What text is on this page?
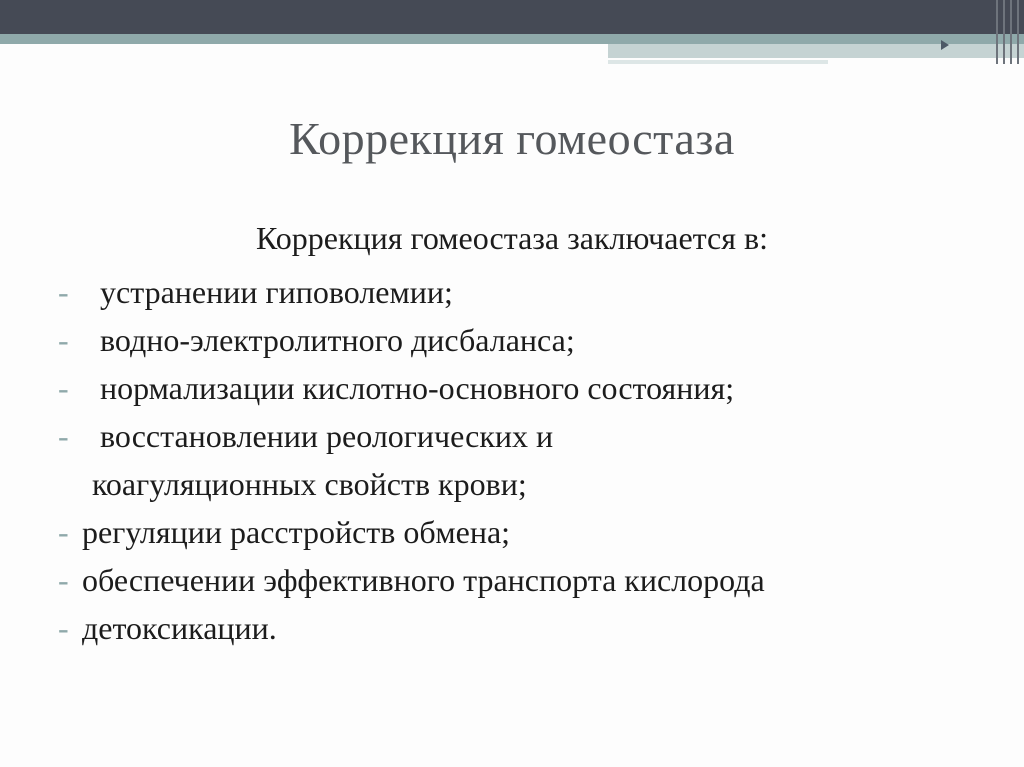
Коррекция гомеостаза
Коррекция гомеостаза заключается в:
- устранении гиповолемии;
- водно-электролитного дисбаланса;
- нормализации кислотно-основного состояния;
- восстановлении реологических и
коагуляционных свойств крови;
- регуляции расстройств обмена;
- обеспечении эффективного транспорта кислорода
- детоксикации.
